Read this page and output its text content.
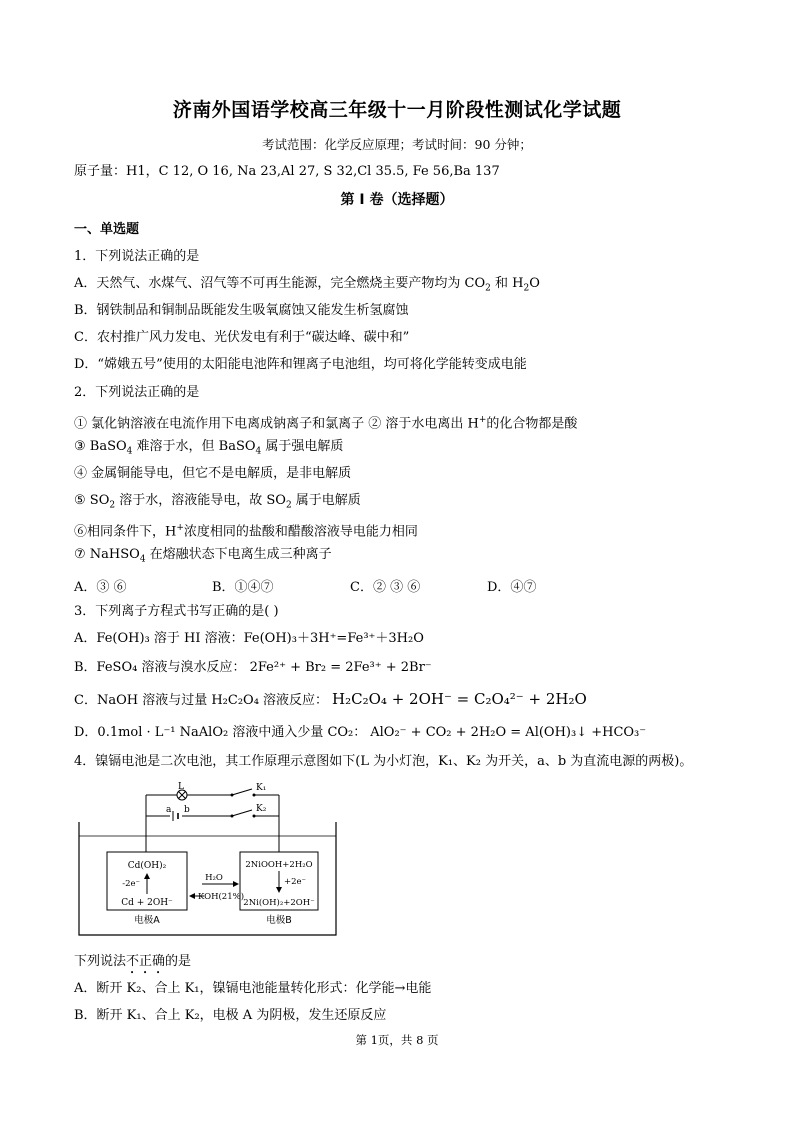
济南外国语学校高三年级十一月阶段性测试化学试题
考试范围：化学反应原理；考试时间：90 分钟；
原子量：H1，C 12, O 16, Na 23,Al 27, S 32,Cl 35.5, Fe 56,Ba 137
第 I 卷（选择题）
一、单选题
1．下列说法正确的是
A．天然气、水煤气、沼气等不可再生能源，完全燃烧主要产物均为 $CO_2$ 和 $H_2O$
B．钢铁制品和铜制品既能发生吸氧腐蚀又能发生析氢腐蚀
C．农村推广风力发电、光伏发电有利于“碳达峰、碳中和”
D．“嫦娥五号”使用的太阳能电池阵和锂离子电池组，均可将化学能转变成电能
2．下列说法正确的是
① 氯化钠溶液在电流作用下电离成钠离子和氯离子 ② 溶于水电离出 H+的化合物都是酸
③ BaSO$_4$ 难溶于水，但 BaSO$_4$ 属于强电解质
④ 金属铜能导电，但它不是电解质，是非电解质
⑤ $SO_2$ 溶于水，溶液能导电，故 $SO_2$ 属于电解质
⑥相同条件下，H+浓度相同的盐酸和醋酸溶液导电能力相同
⑦ NaHSO$_4$ 在熔融状态下电离生成三种离子
A．③ ⑥	B．①④⑦	C．② ③ ⑥	D．④⑦
3．下列离子方程式书写正确的是( )
A．Fe(OH)₃ 溶于 HI 溶液：Fe(OH)₃＋3H⁺=Fe³⁺＋3H₂O
B．FeSO₄ 溶液与溴水反应： 2Fe²⁺ + Br₂ = 2Fe³⁺ + 2Br⁻
C．NaOH 溶液与过量 H₂C₂O₄ 溶液反应： H₂C₂O₄ + 2OH⁻ = C₂O₄²⁻ + 2H₂O
D．0.1mol · L⁻¹ NaAlO₂ 溶液中通入少量 CO₂： AlO₂⁻ + CO₂ + 2H₂O = Al(OH)₃↓ +HCO₃⁻
4．镍镉电池是二次电池，其工作原理示意图如下(L 为小灯泡，K₁、K₂ 为开关，a、b 为直流电源的两极)。
L	K₁
K₂
a b
Cd(OH)₂
-2e⁻
Cd + 2OH⁻
H₂O
KOH(21%)
2NiOOH+2H₂O
+2e⁻
2Ni(OH)₂+2OH⁻
电极A	电极B
下列说法不正确的是
A．断开 K₂、合上 K₁，镍镉电池能量转化形式：化学能→电能
B．断开 K₁、合上 K₂，电极 A 为阴极，发生还原反应
第 1页，共 8 页
